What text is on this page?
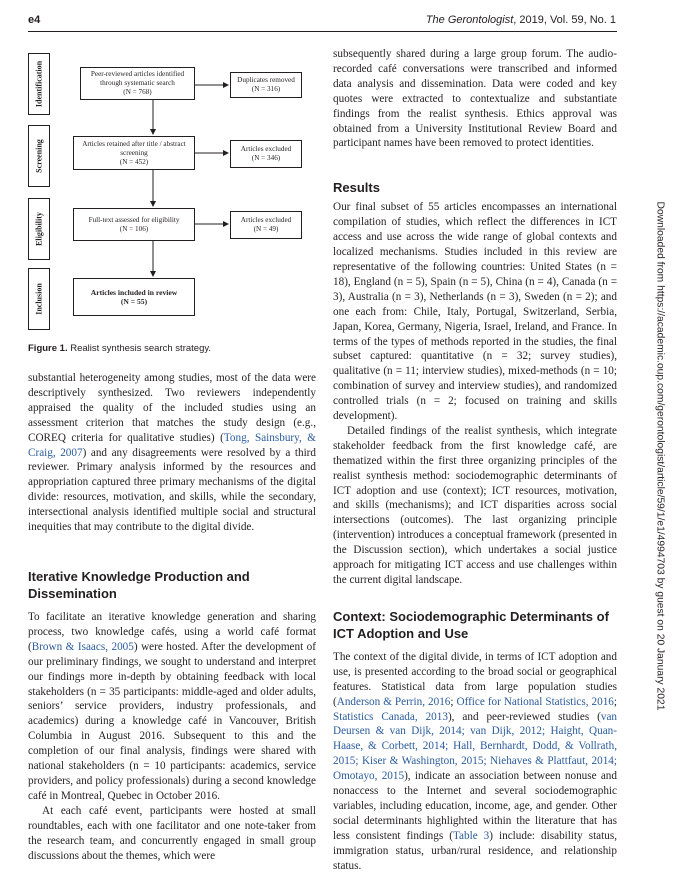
e4	The Gerontologist, 2019, Vol. 59, No. 1
Identification
Screening
Eligibility
Inclusion
Peer-reviewed articles identified
through systematic search
(N = 768)
Duplicates removed
(N = 316)
Articles retained after title / abstract
screening
(N = 452)
Articles excluded
(N = 346)
Full-text assessed for eligibility
(N = 106)
Articles excluded
(N = 49)
Articles included in review
(N = 55)
Figure 1. Realist synthesis search strategy.

substantial heterogeneity among studies, most of the data were descriptively synthesized. Two reviewers independently appraised the quality of the included studies using an assessment criterion that matches the study design (e.g., COREQ criteria for qualitative studies) (Tong, Sainsbury, & Craig, 2007) and any disagreements were resolved by a third reviewer. Primary analysis informed by the resources and appropriation captured three primary mechanisms of the digital divide: resources, motivation, and skills, while the secondary, intersectional analysis identified multiple social and structural inequities that may contribute to the digital divide.

Iterative Knowledge Production and Dissemination

To facilitate an iterative knowledge generation and sharing process, two knowledge cafés, using a world café format (Brown & Isaacs, 2005) were hosted. After the development of our preliminary findings, we sought to understand and interpret our findings more in-depth by obtaining feedback with local stakeholders (n = 35 participants: middle-aged and older adults, seniors’ service providers, industry professionals, and academics) during a knowledge café in Vancouver, British Columbia in August 2016. Subsequent to this and the completion of our final analysis, findings were shared with national stakeholders (n = 10 participants: academics, service providers, and policy professionals) during a second knowledge café in Montreal, Quebec in October 2016.

At each café event, participants were hosted at small roundtables, each with one facilitator and one note-taker from the research team, and concurrently engaged in small group discussions about the themes, which were

subsequently shared during a large group forum. The audio-recorded café conversations were transcribed and informed data analysis and dissemination. Data were coded and key quotes were extracted to contextualize and substantiate findings from the realist synthesis. Ethics approval was obtained from a University Institutional Review Board and participant names have been removed to protect identities.

Results

Our final subset of 55 articles encompasses an international compilation of studies, which reflect the differences in ICT access and use across the wide range of global contexts and localized mechanisms. Studies included in this review are representative of the following countries: United States (n = 18), England (n = 5), Spain (n = 5), China (n = 4), Canada (n = 3), Australia (n = 3), Netherlands (n = 3), Sweden (n = 2); and one each from: Chile, Italy, Portugal, Switzerland, Serbia, Japan, Korea, Germany, Nigeria, Israel, Ireland, and France. In terms of the types of methods reported in the studies, the final subset captured: quantitative (n = 32; survey studies), qualitative (n = 11; interview studies), mixed-methods (n = 10; combination of survey and interview studies), and randomized controlled trials (n = 2; focused on training and skills development).

Detailed findings of the realist synthesis, which integrate stakeholder feedback from the first knowledge café, are thematized within the first three organizing principles of the realist synthesis method: sociodemographic determinants of ICT adoption and use (context); ICT resources, motivation, and skills (mechanisms); and ICT disparities across social intersections (outcomes). The last organizing principle (intervention) introduces a conceptual framework (presented in the Discussion section), which undertakes a social justice approach for mitigating ICT access and use challenges within the current digital landscape.

Context: Sociodemographic Determinants of ICT Adoption and Use

The context of the digital divide, in terms of ICT adoption and use, is presented according to the broad social or geographical features. Statistical data from large population studies (Anderson & Perrin, 2016; Office for National Statistics, 2016; Statistics Canada, 2013), and peer-reviewed studies (van Deursen & van Dijk, 2014; van Dijk, 2012; Haight, Quan-Haase, & Corbett, 2014; Hall, Bernhardt, Dodd, & Vollrath, 2015; Kiser & Washington, 2015; Niehaves & Plattfaut, 2014; Omotayo, 2015), indicate an association between nonuse and nonaccess to the Internet and several sociodemographic variables, including education, income, age, and gender. Other social determinants highlighted within the literature that has less consistent findings (Table 3) include: disability status, immigration status, urban/rural residence, and relationship status.

Downloaded from https://academic.oup.com/gerontologist/article/59/1/e1/4994703 by guest on 20 January 2021
